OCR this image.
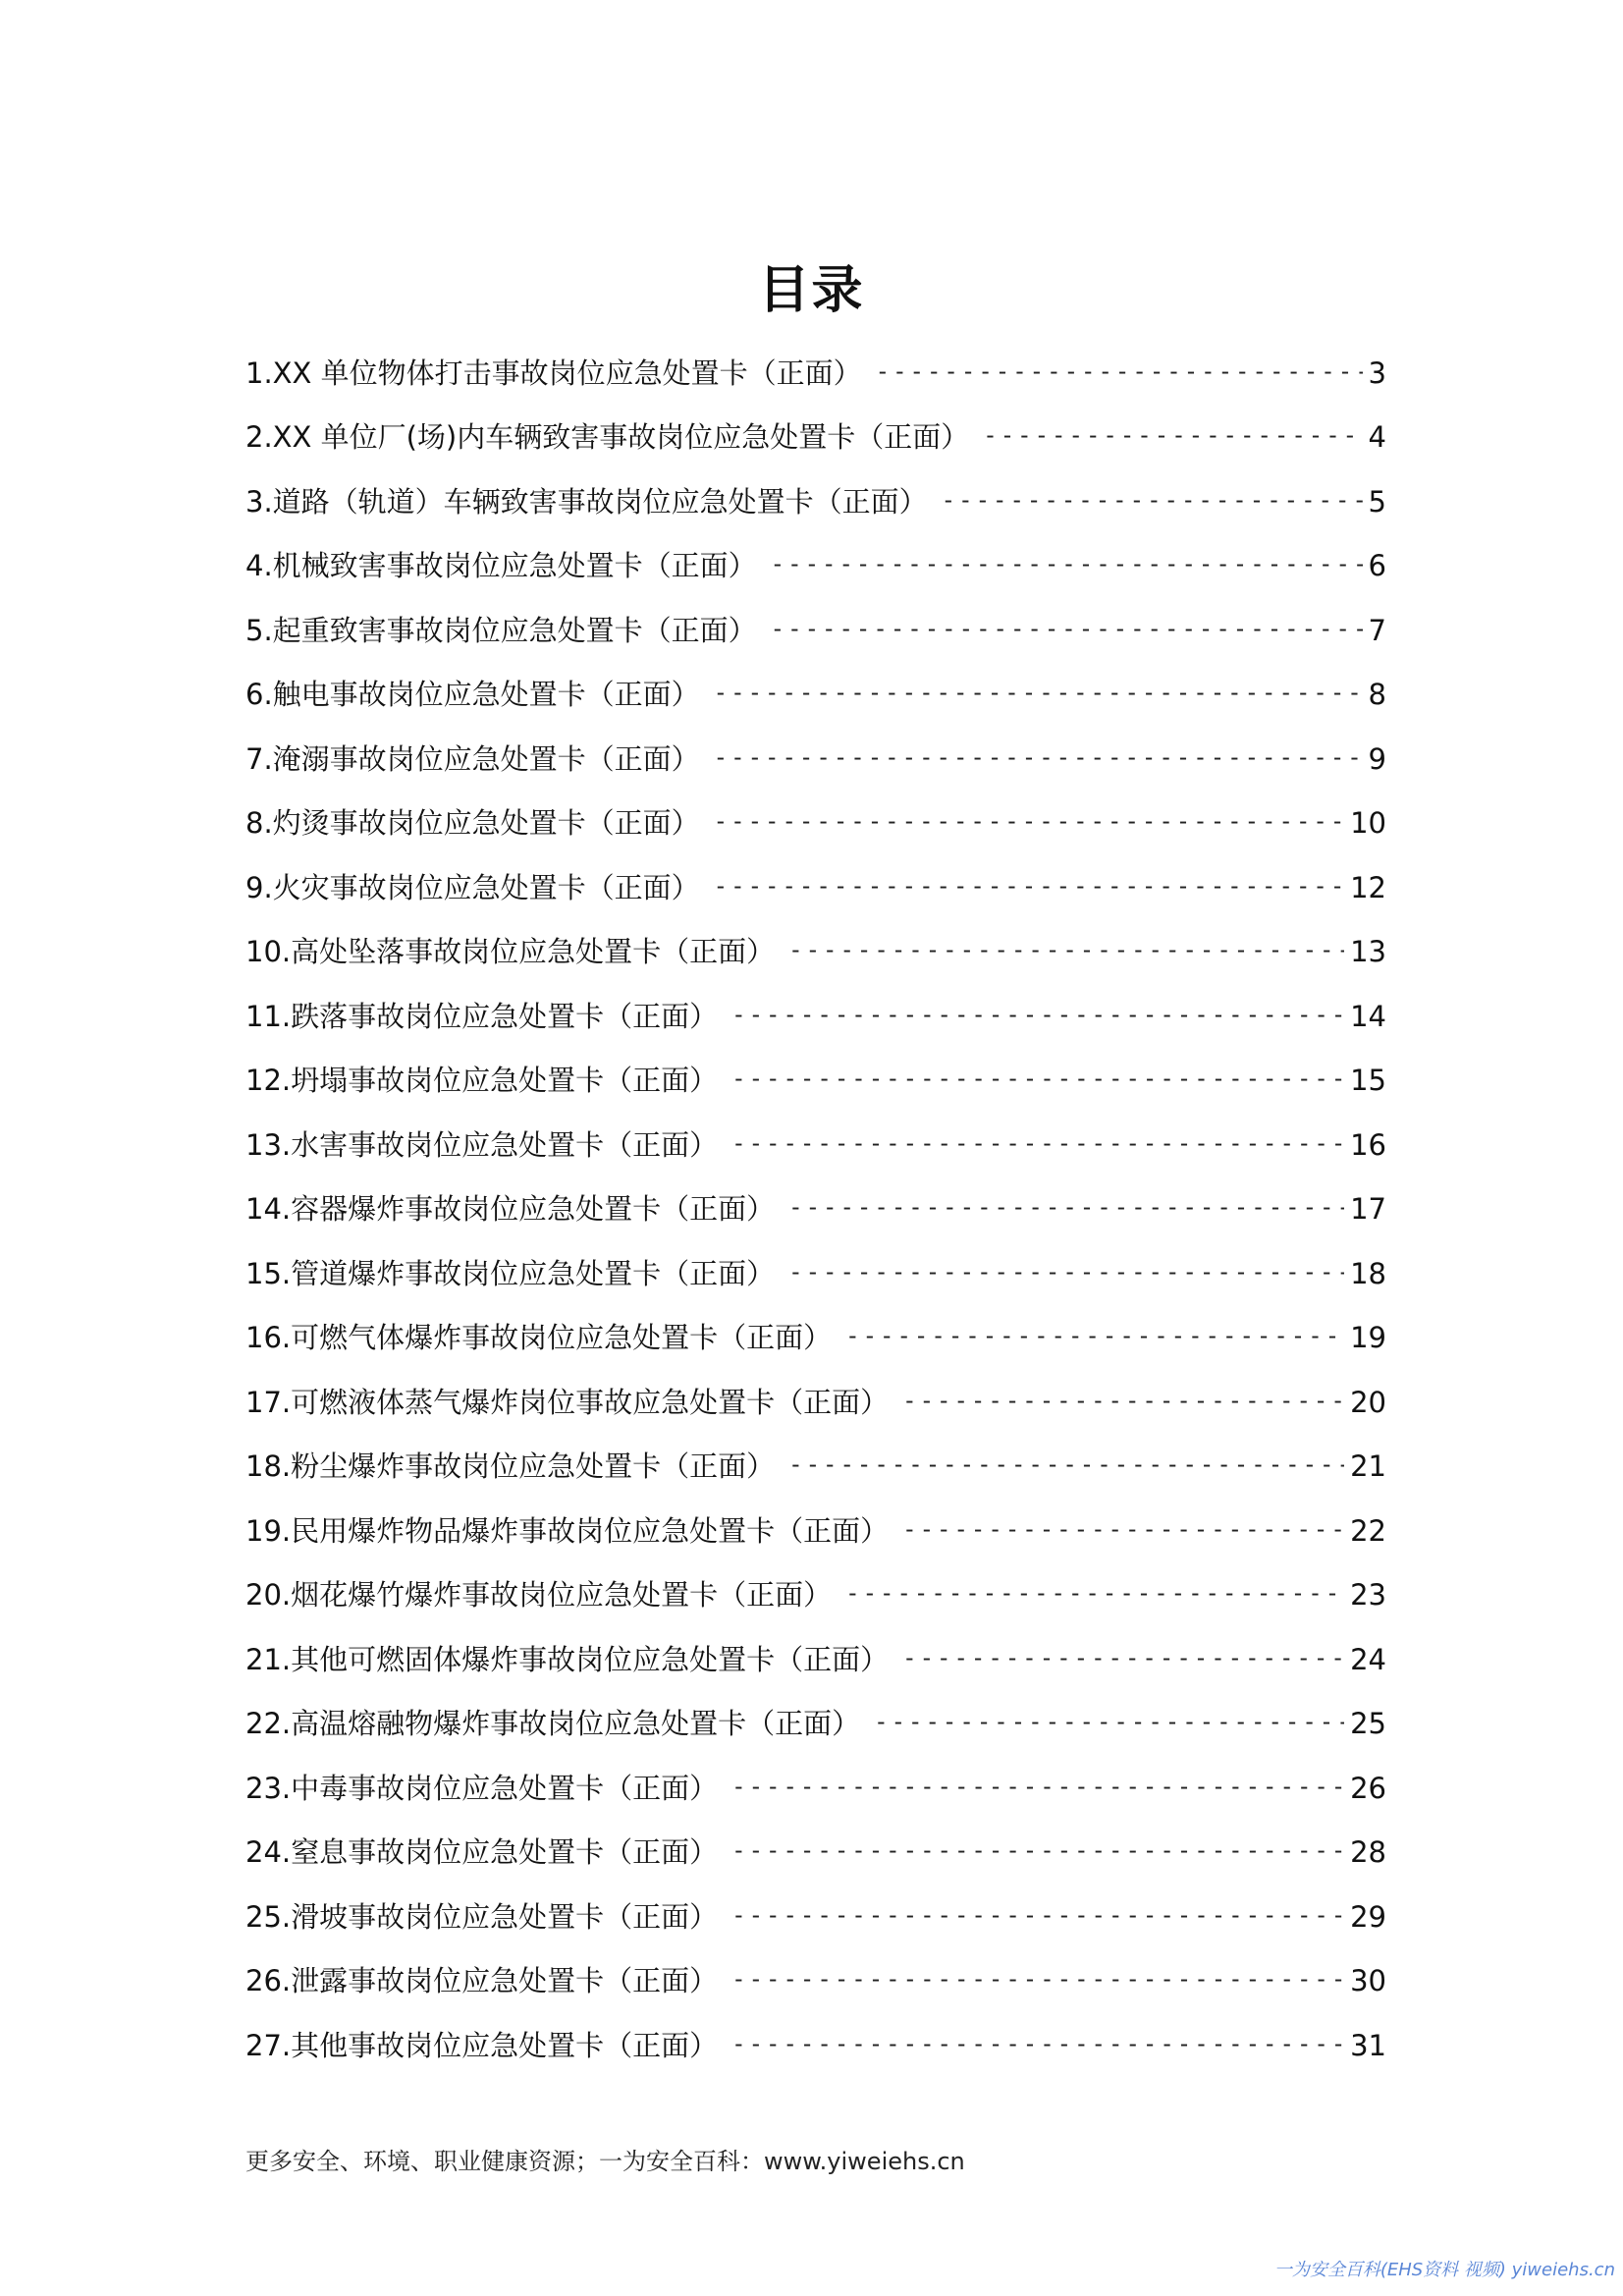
目录
1.XX 单位物体打击事故岗位应急处置卡（正面） -----	3
2.XX 单位厂(场)内车辆致害事故岗位应急处置卡（正面） -----	4
3.道路（轨道）车辆致害事故岗位应急处置卡（正面） -----	5
4.机械致害事故岗位应急处置卡（正面） -----	6
5.起重致害事故岗位应急处置卡（正面） -----	7
6.触电事故岗位应急处置卡（正面） -----	8
7.淹溺事故岗位应急处置卡（正面） -----	9
8.灼烫事故岗位应急处置卡（正面） -----	10
9.火灾事故岗位应急处置卡（正面） -----	12
10.高处坠落事故岗位应急处置卡（正面） -----	13
11.跌落事故岗位应急处置卡（正面） -----	14
12.坍塌事故岗位应急处置卡（正面） -----	15
13.水害事故岗位应急处置卡（正面） -----	16
14.容器爆炸事故岗位应急处置卡（正面） -----	17
15.管道爆炸事故岗位应急处置卡（正面） -----	18
16.可燃气体爆炸事故岗位应急处置卡（正面） -----	19
17.可燃液体蒸气爆炸岗位事故应急处置卡（正面） -----	20
18.粉尘爆炸事故岗位应急处置卡（正面） -----	21
19.民用爆炸物品爆炸事故岗位应急处置卡（正面） -----	22
20.烟花爆竹爆炸事故岗位应急处置卡（正面） -----	23
21.其他可燃固体爆炸事故岗位应急处置卡（正面） -----	24
22.高温熔融物爆炸事故岗位应急处置卡（正面） -----	25
23.中毒事故岗位应急处置卡（正面） -----	26
24.窒息事故岗位应急处置卡（正面） -----	28
25.滑坡事故岗位应急处置卡（正面） -----	29
26.泄露事故岗位应急处置卡（正面） -----	30
27.其他事故岗位应急处置卡（正面） -----	31
更多安全、环境、职业健康资源；一为安全百科：www.yiweiehs.cn
一为安全百科(EHS资料 视频) yiweiehs.cn
